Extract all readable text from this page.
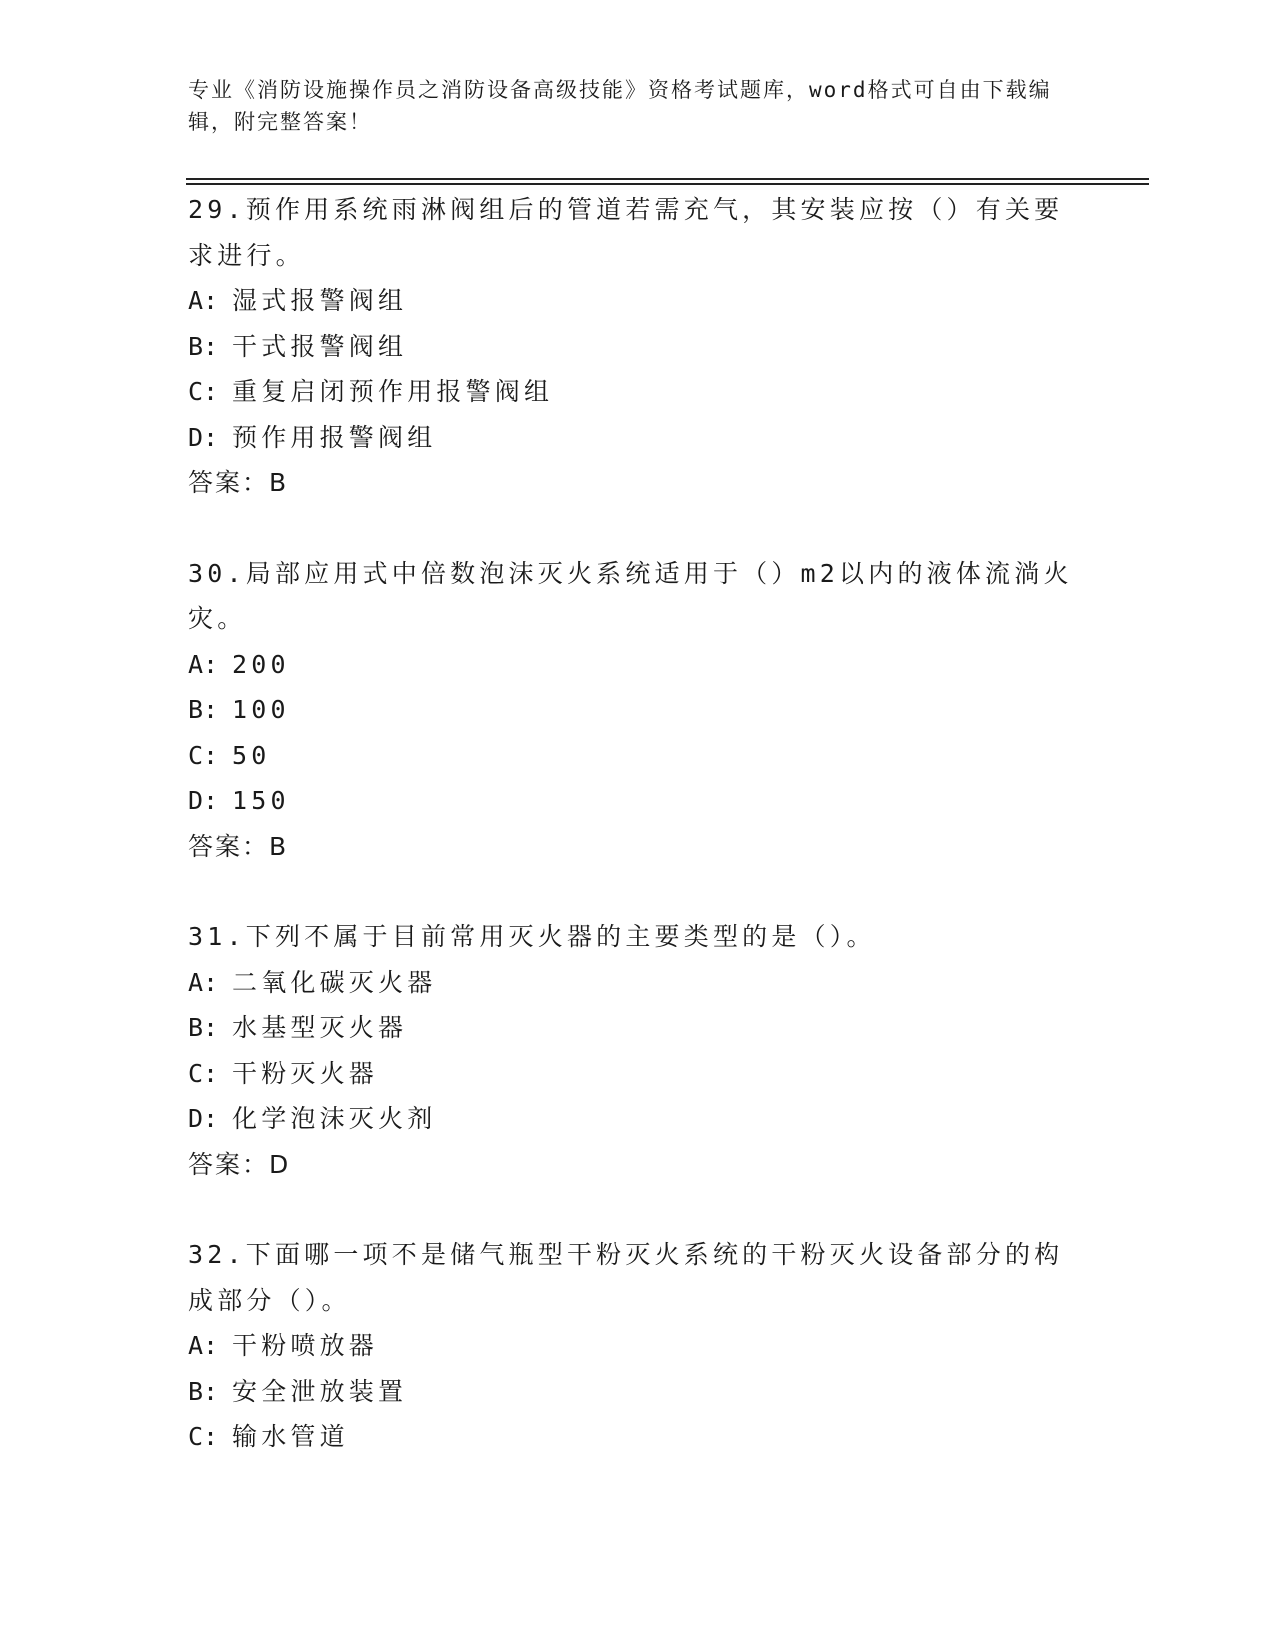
专业《消防设施操作员之消防设备高级技能》资格考试题库，word格式可自由下载编辑，附完整答案！

29.预作用系统雨淋阀组后的管道若需充气，其安装应按（）有关要求进行。

A: 湿式报警阀组
B: 干式报警阀组
C: 重复启闭预作用报警阀组
D: 预作用报警阀组
答案：B

30.局部应用式中倍数泡沫灭火系统适用于（）m2以内的液体流淌火灾。

A: 200
B: 100
C: 50
D: 150
答案：B

31.下列不属于目前常用灭火器的主要类型的是（）。

A: 二氧化碳灭火器
B: 水基型灭火器
C: 干粉灭火器
D: 化学泡沫灭火剂
答案：D

32.下面哪一项不是储气瓶型干粉灭火系统的干粉灭火设备部分的构成部分（）。

A: 干粉喷放器
B: 安全泄放装置
C: 输水管道
